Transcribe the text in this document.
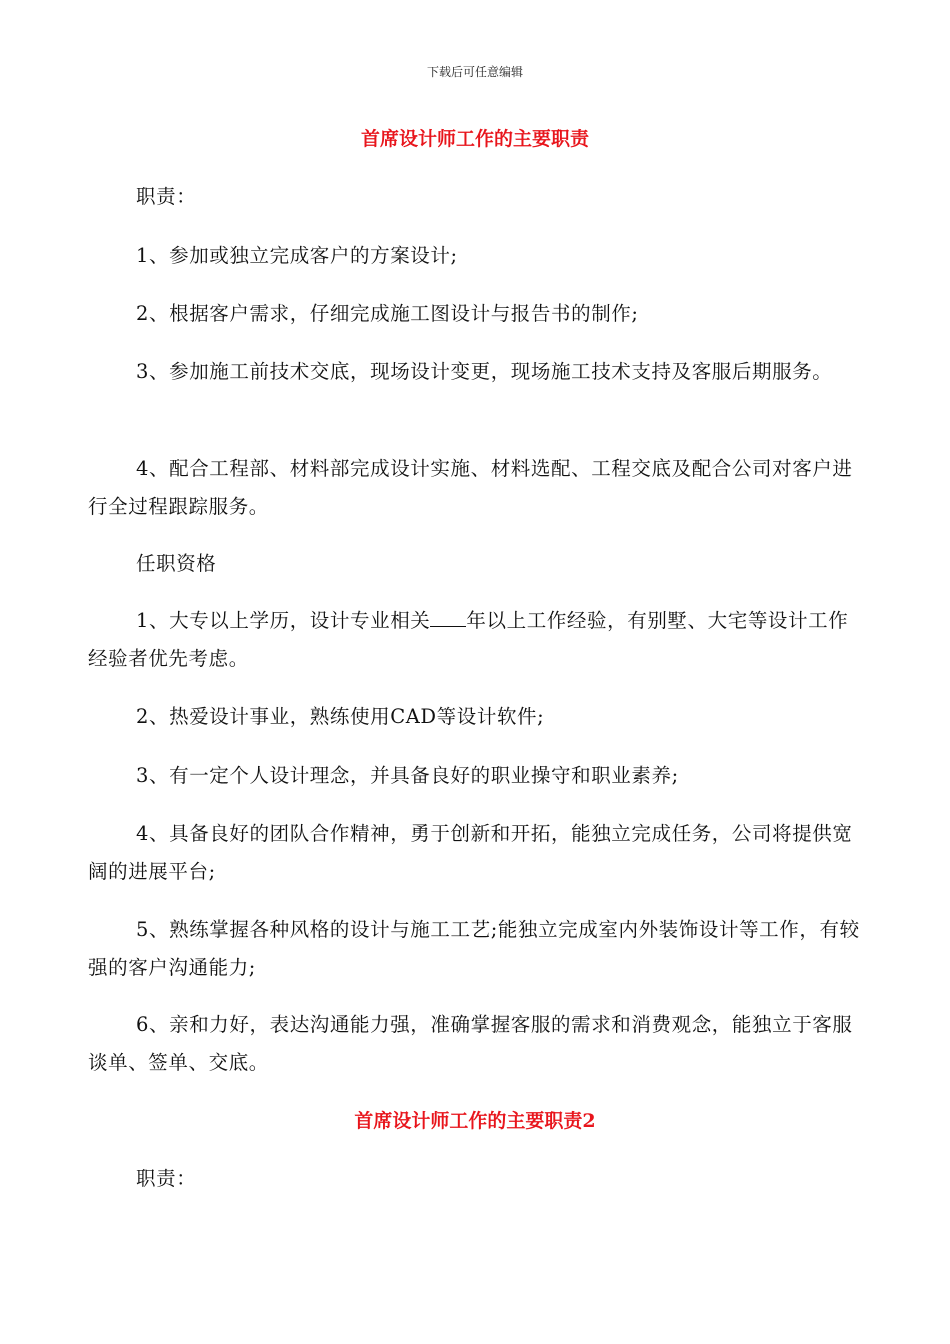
下载后可任意编辑
首席设计师工作的主要职责

职责：

1、参加或独立完成客户的方案设计;

2、根据客户需求，仔细完成施工图设计与报告书的制作;

3、参加施工前技术交底，现场设计变更，现场施工技术支持及客服后期服务。

4、配合工程部、材料部完成设计实施、材料选配、工程交底及配合公司对客户进行全过程跟踪服务。

任职资格

1、大专以上学历，设计专业相关 年以上工作经验，有别墅、大宅等设计工作经验者优先考虑。

2、热爱设计事业，熟练使用CAD等设计软件;

3、有一定个人设计理念，并具备良好的职业操守和职业素养;

4、具备良好的团队合作精神，勇于创新和开拓，能独立完成任务，公司将提供宽阔的进展平台;

5、熟练掌握各种风格的设计与施工工艺;能独立完成室内外装饰设计等工作，有较强的客户沟通能力;

6、亲和力好，表达沟通能力强，准确掌握客服的需求和消费观念，能独立于客服谈单、签单、交底。

首席设计师工作的主要职责2

职责：
